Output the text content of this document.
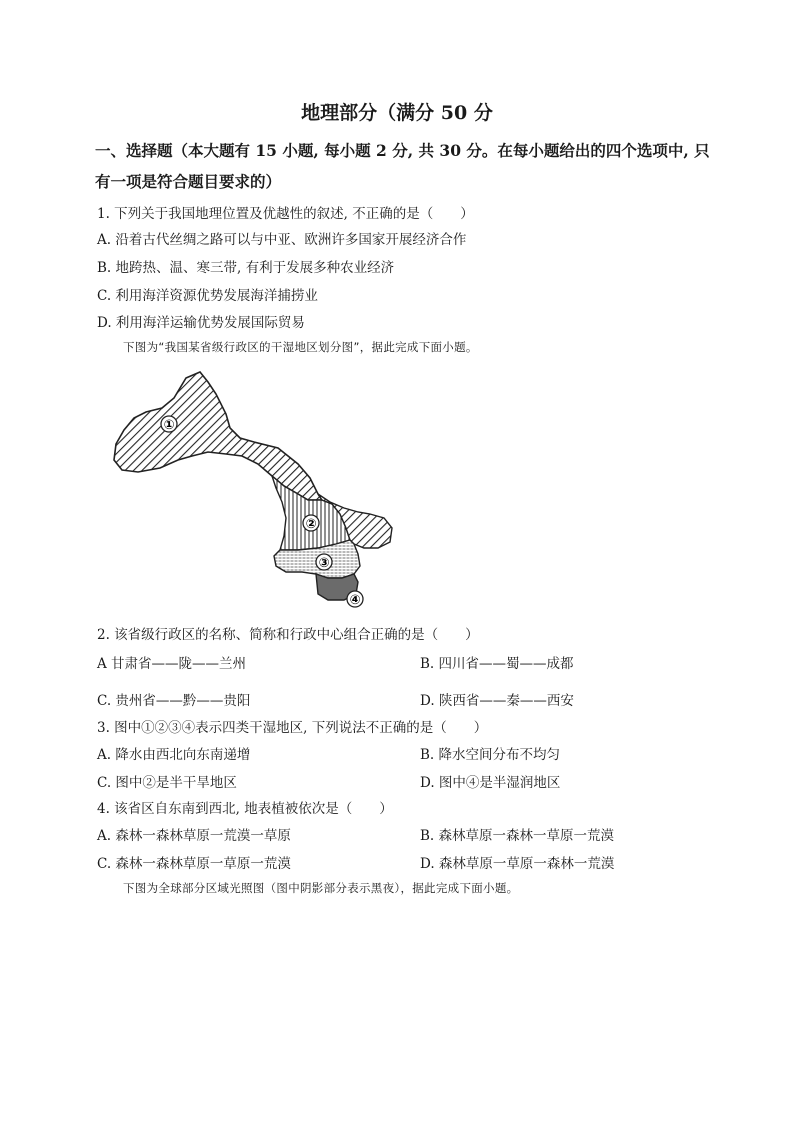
地理部分（满分 50 分
一、选择题（本大题有 15 小题, 每小题 2 分, 共 30 分。在每小题给出的四个选项中, 只
有一项是符合题目要求的）
1. 下列关于我国地理位置及优越性的叙述, 不正确的是（　　）
A. 沿着古代丝绸之路可以与中亚、欧洲许多国家开展经济合作
B. 地跨热、温、寒三带, 有利于发展多种农业经济
C. 利用海洋资源优势发展海洋捕捞业
D. 利用海洋运输优势发展国际贸易
下图为“我国某省级行政区的干湿地区划分图”，据此完成下面小题。
①
②
③
④
2. 该省级行政区的名称、简称和行政中心组合正确的是（　　）
A 甘肃省——陇——兰州	B. 四川省——蜀——成都
C. 贵州省——黔——贵阳	D. 陕西省——秦——西安
3. 图中①②③④表示四类干湿地区, 下列说法不正确的是（　　）
A. 降水由西北向东南递增	B. 降水空间分布不均匀
C. 图中②是半干旱地区	D. 图中④是半湿润地区
4. 该省区自东南到西北, 地表植被依次是（　　）
A. 森林一森林草原一荒漠一草原	B. 森林草原一森林一草原一荒漠
C. 森林一森林草原一草原一荒漠	D. 森林草原一草原一森林一荒漠
下图为全球部分区域光照图（图中阴影部分表示黑夜），据此完成下面小题。
